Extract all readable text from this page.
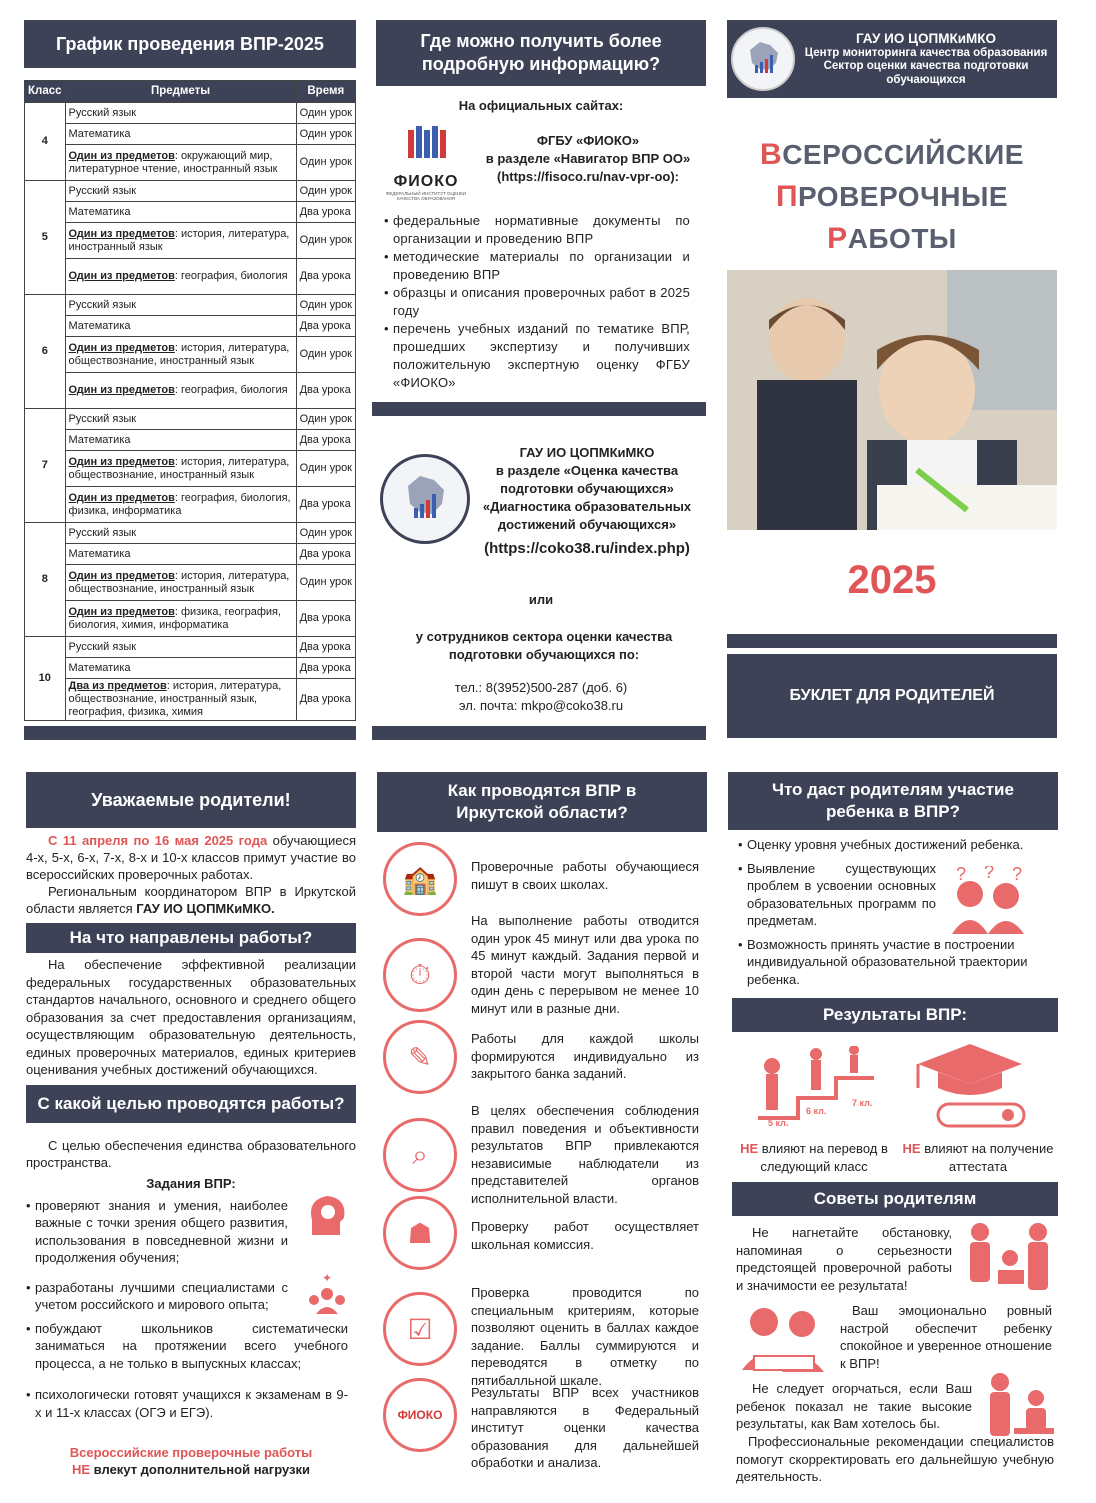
График проведения ВПР-2025
Класс	Предметы	Время
4	Русский язык	Один урок
	Математика	Один урок
	Один из предметов: окружающий мир, литературное чтение, иностранный язык	Один урок
5	Русский язык	Один урок
	Математика	Два урока
	Один из предметов: история, литература, иностранный язык	Один урок
	Один из предметов: география, биология	Два урока
6	Русский язык	Один урок
	Математика	Два урока
	Один из предметов: история, литература, обществознание, иностранный язык	Один урок
	Один из предметов: география, биология	Два урока
7	Русский язык	Один урок
	Математика	Два урока
	Один из предметов: история, литература, обществознание, иностранный язык	Один урок
	Один из предметов: география, биология, физика, информатика	Два урока
8	Русский язык	Один урок
	Математика	Два урока
	Один из предметов: история, литература, обществознание, иностранный язык	Один урок
	Один из предметов: физика, география, биология, химия, информатика	Два урока
10	Русский язык	Два урока
	Математика	Два урока
	Два из предметов: история, литература, обществознание, иностранный язык, география, физика, химия	Два урока
Где можно получить более подробную информацию?
На официальных сайтах:
ФИОКО
ФЕДЕРАЛЬНЫЙ ИНСТИТУТ ОЦЕНКИ КАЧЕСТВА ОБРАЗОВАНИЯ
ФГБУ «ФИОКО»
в разделе «Навигатор ВПР ОО»
(https://fisoco.ru/nav-vpr-oo):
• федеральные нормативные документы по организации и проведению ВПР
• методические материалы по организации и проведению ВПР
• образцы и описания проверочных работ в 2025 году
• перечень учебных изданий по тематике ВПР, прошедших экспертизу и получивших положительную экспертную оценку ФГБУ «ФИОКО»
ГАУ ИО ЦОПМКиМКО
в разделе «Оценка качества подготовки обучающихся»
«Диагностика образовательных достижений обучающихся»
(https://coko38.ru/index.php)
или
у сотрудников сектора оценки качества подготовки обучающихся по:
тел.: 8(3952)500-287 (доб. 6)
эл. почта: mkpo@coko38.ru
ГАУ ИО ЦОПМКиМКО
Центр мониторинга качества образования
Сектор оценки качества подготовки обучающихся
ВСЕРОССИЙСКИЕ
ПРОВЕРОЧНЫЕ
РАБОТЫ
2025
БУКЛЕТ ДЛЯ РОДИТЕЛЕЙ
Уважаемые родители!
С 11 апреля по 16 мая 2025 года обучающиеся 4-х, 5-х, 6-х, 7-х, 8-х и 10-х классов примут участие во всероссийских проверочных работах.
Региональным координатором ВПР в Иркутской области является ГАУ ИО ЦОПМКиМКО.
На что направлены работы?
На обеспечение эффективной реализации федеральных государственных образовательных стандартов начального, основного и среднего общего образования за счет предоставления организациям, осуществляющим образовательную деятельность, единых проверочных материалов, единых критериев оценивания учебных достижений обучающихся.
С какой целью проводятся работы?
С целью обеспечения единства образовательного пространства.
Задания ВПР:
• проверяют знания и умения, наиболее важные с точки зрения общего развития, использования в повседневной жизни и продолжения обучения;
• разработаны лучшими специалистами с учетом российского и мирового опыта;
• побуждают школьников систематически заниматься на протяжении всего учебного процесса, а не только в выпускных классах;
• психологически готовят учащихся к экзаменам в 9-х и 11-х классах (ОГЭ и ЕГЭ).
✦
Всероссийские проверочные работы
НЕ влекут дополнительной нагрузки
Как проводятся ВПР в Иркутской области?
🏫	Проверочные работы обучающиеся пишут в своих школах.
⏱
На выполнение работы отводится один урок 45 минут или два урока по 45 минут каждый. Задания первой и второй части могут выполняться в один день с перерывом не менее 10 минут или в разные дни.
✎
Работы для каждой школы формируются индивидуально из закрытого банка заданий.
⌕
В целях обеспечения соблюдения правил поведения и объективности результатов ВПР привлекаются независимые наблюдатели из представителей органов исполнительной власти.
☗	Проверку работ осуществляет школьная комиссия.
☑
Проверка проводится по специальным критериям, которые позволяют оценить в баллах каждое задание. Баллы суммируются и переводятся в отметку по пятибалльной шкале.
ФИОКО
Результаты ВПР всех участников направляются в Федеральный институт оценки качества образования для дальнейшей обработки и анализа.
Что даст родителям участие ребенка в ВПР?
• Оценку уровня учебных достижений ребенка.
• Выявление существующих проблем в усвоении основных образовательных программ по предметам.
• Возможность принять участие в построении индивидуальной образовательной траектории ребенка.
? ? ?
Результаты ВПР:
5 кл.
6 кл.
7 кл.
НЕ влияют на перевод в следующий класс
НЕ влияют на получение аттестата
Советы родителям
Не нагнетайте обстановку, напоминая о серьезности предстоящей проверочной работы и значимости ее результата!
Ваш эмоционально ровный настрой обеспечит ребенку спокойное и уверенное отношение к ВПР!
Не следует огорчаться, если Ваш ребенок показал не такие высокие результаты, как Вам хотелось бы.
Профессиональные рекомендации специалистов помогут скорректировать его дальнейшую учебную деятельность.
